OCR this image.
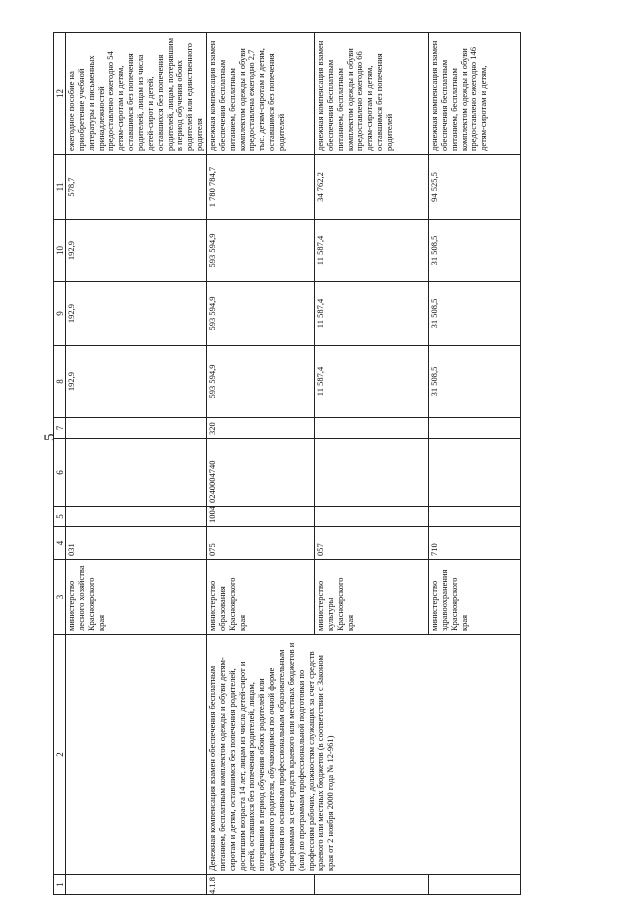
5
1	2	3	4	5	6	7	8	9	10	11	12
		министерство лесного хозяйства Красноярского края	031				192,9	192,9	192,9	578,7	ежегодное пособие на приобретение учебной литературы и письменных принадлежностей предоставлено ежегодно 54 детям-сиротам и детям, оставшимся без попечения родителей, лицам из числа детей-сирот и детей, оставшихся без попечения родителей, лицам, потерявшим в период обучения обоих родителей или единственного родителя
4.1.8	Денежная компенсация взамен обеспечения бесплатным питанием, бесплатным комплектом одежды и обуви детям-сиротам и детям, оставшимся без попечения родителей, достигшим возраста 14 лет, лицам из числа детей-сирот и детей, оставшихся без попечения родителей, лицам, потерявшим в период обучения обоих родителей или единственного родителя, обучающимся по очной форме обучения по основным профессиональным образовательным программам за счет средств краевого или местных бюджетов и (или) по программам профессиональной подготовки по профессиям рабочих, должностям служащих за счет средств краевого или местных бюджетов (в соответствии с Законом края от 2 ноября 2000 года № 12-961)	министерство образования Красноярского края	075	1004	0240004740	320	593 594,9	593 594,9	593 594,9	1 780 784,7	денежная компенсация взамен обеспечения бесплатным питанием, бесплатным комплектом одежды и обуви предоставлена ежегодно 2,7 тыс. детям-сиротам и детям, оставшимся без попечения родителей
		министерство культуры Красноярского края	057				11 587,4	11 587,4	11 587,4	34 762,2	денежная компенсация взамен обеспечения бесплатным питанием, бесплатным комплектом одежды и обуви предоставлено ежегодно 66 детям-сиротам и детям, оставшимся без попечения родителей
		министерство здравоохранения Красноярского края	710				31 508,5	31 508,5	31 508,5	94 525,5	денежная компенсация взамен обеспечения бесплатным питанием, бесплатным комплектом одежды и обуви предоставлено ежегодно 146 детям-сиротам и детям,
